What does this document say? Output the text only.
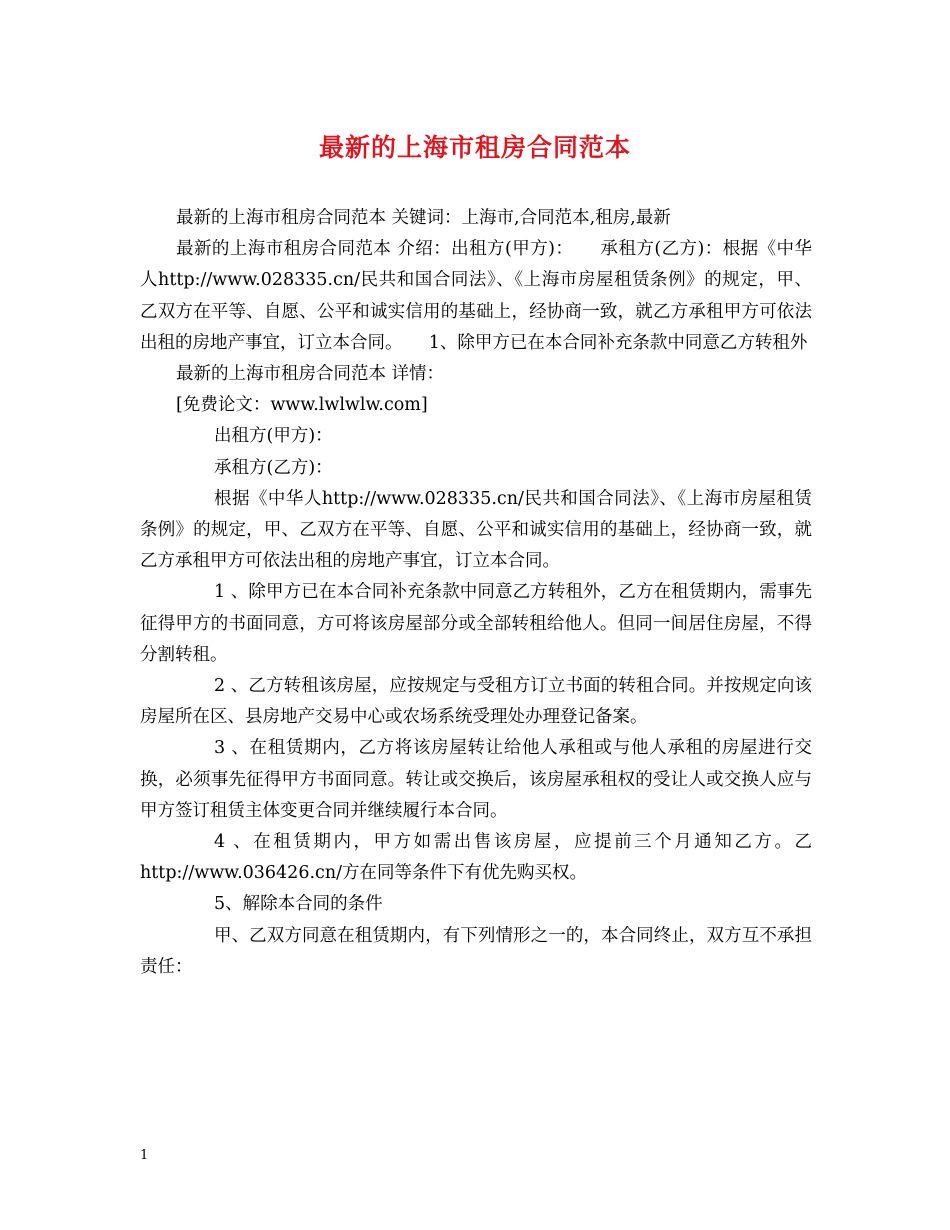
最新的上海市租房合同范本

最新的上海市租房合同范本 关键词：上海市,合同范本,租房,最新

最新的上海市租房合同范本 介绍：出租方(甲方)：　　承租方(乙方)：根据《中华人http://www.028335.cn/民共和国合同法》、《上海市房屋租赁条例》的规定，甲、乙双方在平等、自愿、公平和诚实信用的基础上，经协商一致，就乙方承租甲方可依法出租的房地产事宜，订立本合同。　　1、除甲方已在本合同补充条款中同意乙方转租外

最新的上海市租房合同范本 详情：

[免费论文：www.lwlwlw.com]

出租方(甲方)：

承租方(乙方)：

根据《中华人http://www.028335.cn/民共和国合同法》、《上海市房屋租赁条例》的规定，甲、乙双方在平等、自愿、公平和诚实信用的基础上，经协商一致，就乙方承租甲方可依法出租的房地产事宜，订立本合同。

1 、除甲方已在本合同补充条款中同意乙方转租外，乙方在租赁期内，需事先征得甲方的书面同意，方可将该房屋部分或全部转租给他人。但同一间居住房屋，不得分割转租。

2 、乙方转租该房屋，应按规定与受租方订立书面的转租合同。并按规定向该房屋所在区、县房地产交易中心或农场系统受理处办理登记备案。

3 、在租赁期内，乙方将该房屋转让给他人承租或与他人承租的房屋进行交换，必须事先征得甲方书面同意。转让或交换后，该房屋承租权的受让人或交换人应与甲方签订租赁主体变更合同并继续履行本合同。

4 、在租赁期内，甲方如需出售该房屋，应提前三个月通知乙方。乙http://www.036426.cn/方在同等条件下有优先购买权。

5、解除本合同的条件

甲、乙双方同意在租赁期内，有下列情形之一的，本合同终止，双方互不承担责任：

1
